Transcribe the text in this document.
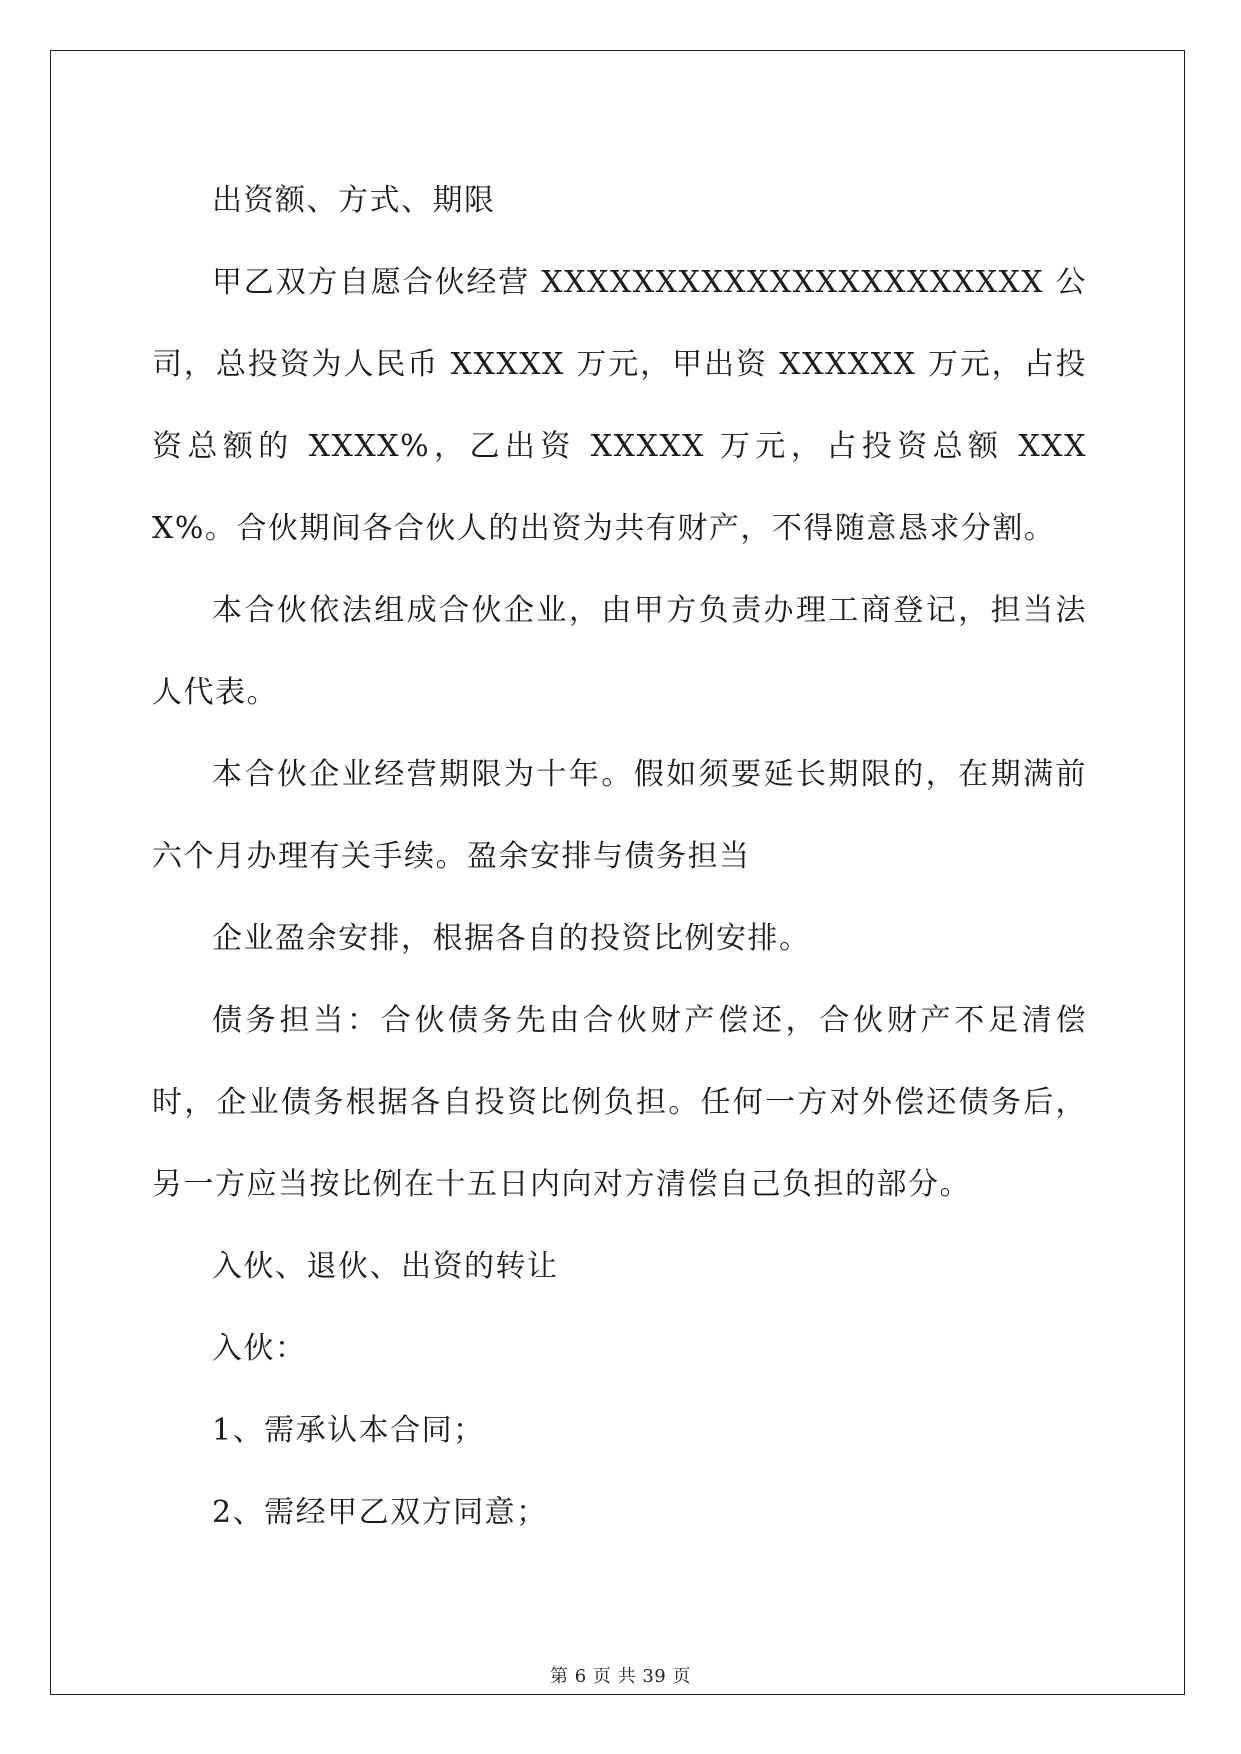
出资额、方式、期限

甲乙双方自愿合伙经营 XXXXXXXXXXXXXXXXXXXXXX 公司，总投资为人民币 XXXXX 万元，甲出资 XXXXXX 万元，占投资总额的 XXXX%，乙出资 XXXXX 万元，占投资总额 XXXX%。合伙期间各合伙人的出资为共有财产，不得随意恳求分割。

本合伙依法组成合伙企业，由甲方负责办理工商登记，担当法人代表。

本合伙企业经营期限为十年。假如须要延长期限的，在期满前六个月办理有关手续。盈余安排与债务担当

企业盈余安排，根据各自的投资比例安排。

债务担当：合伙债务先由合伙财产偿还，合伙财产不足清偿时，企业债务根据各自投资比例负担。任何一方对外偿还债务后，另一方应当按比例在十五日内向对方清偿自己负担的部分。

入伙、退伙、出资的转让

入伙：

1、需承认本合同；

2、需经甲乙双方同意；

第 6 页 共 39 页
